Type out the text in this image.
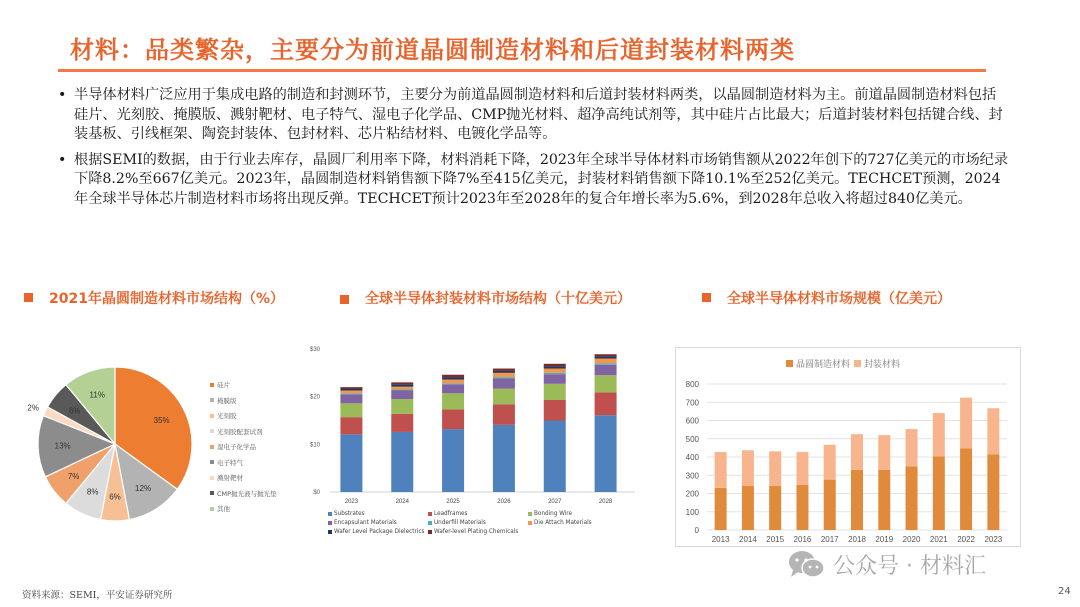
材料：品类繁杂，主要分为前道晶圆制造材料和后道封装材料两类
• 半导体材料广泛应用于集成电路的制造和封测环节，主要分为前道晶圆制造材料和后道封装材料两类，以晶圆制造材料为主。前道晶圆制造材料包括硅片、光刻胶、掩膜版、溅射靶材、电子特气、湿电子化学品、CMP抛光材料、超净高纯试剂等，其中硅片占比最大；后道封装材料包括键合线、封装基板、引线框架、陶瓷封装体、包封材料、芯片粘结材料、电镀化学品等。
• 根据SEMI的数据，由于行业去库存，晶圆厂利用率下降，材料消耗下降，2023年全球半导体材料市场销售额从2022年创下的727亿美元的市场纪录下降8.2%至667亿美元。2023年，晶圆制造材料销售额下降7%至415亿美元，封装材料销售额下降10.1%至252亿美元。TECHCET预测，2024年全球半导体芯片制造材料市场将出现反弹。TECHCET预计2023年至2028年的复合年增长率为5.6%，到2028年总收入将超过840亿美元。
2021年晶圆制造材料市场结构（%）	全球半导体封装材料市场结构（十亿美元）	全球半导体材料市场规模（亿美元）
35%
12%
6%
8%
7%
13%
2%	6%
11%
硅片
掩膜版
光刻胶
光刻胶配套试剂
湿电子化学品
电子特气
溅射靶材
CMP抛光液与抛光垫
其他
$0
$10
$20
$30
2023	2024	2025	2026	2027	2028
Substrates	Leadframes	Bonding Wire
Encapsulant Materials	Underfill Materials	Die Attach Materials
Wafer Level Package Dielectrics Wafer-level Plating Chemicals	0
100
200
300
400
500
600
700
800
2013 2014 2015 2016 2017 2018 2019 2020 2021 2022 2023
晶圆制造材料	封装材料
公众号 · 材料汇
资料来源：SEMI，平安证券研究所	24
